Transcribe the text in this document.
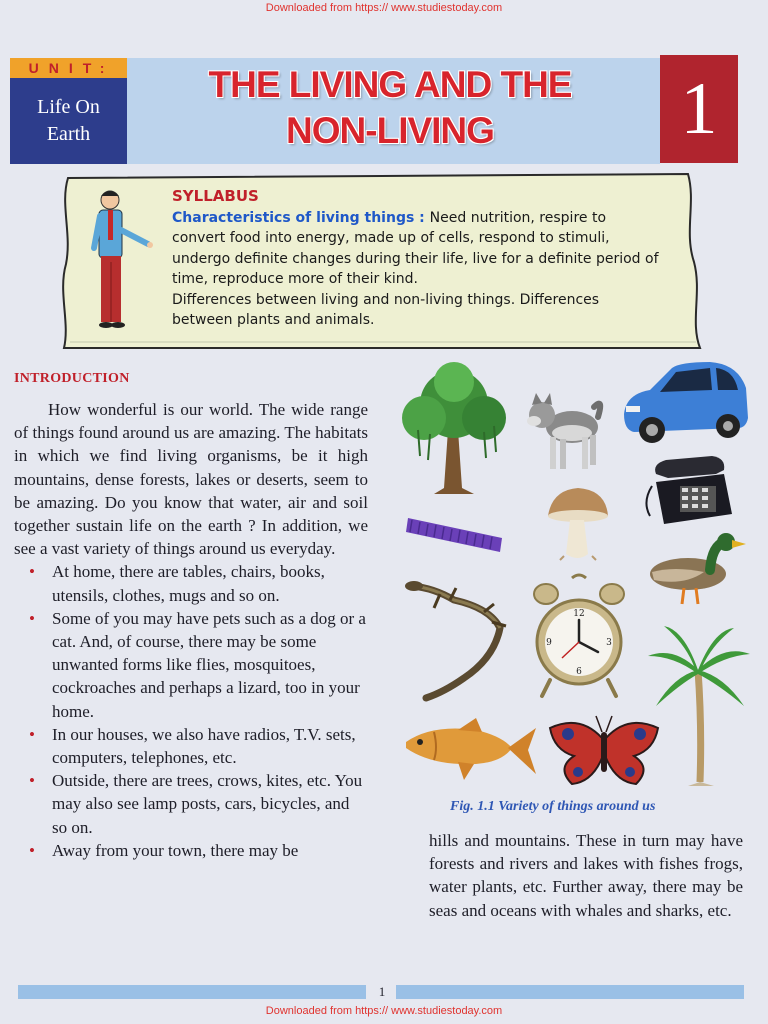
Downloaded from https:// www.studiestoday.com
UNIT:
Life On
Earth
THE LIVING AND THE
NON-LIVING	1
SYLLABUS

Characteristics of living things : Need nutrition, respire to convert food into energy, made up of cells, respond to stimuli, undergo definite changes during their life, live for a definite period of time, reproduce more of their kind.

Differences between living and non-living things. Differences between plants and animals.

INTRODUCTION

How wonderful is our world. The wide range of things found around us are amazing. The habitats in which we find living organisms, be it high mountains, dense forests, lakes or deserts, seem to be amazing. Do you know that water, air and soil together sustain life on the earth ? In addition, we see a vast variety of things around us everyday.

• At home, there are tables, chairs, books, utensils, clothes, mugs and so on.
• Some of you may have pets such as a dog or a cat. And, of course, there may be some unwanted forms like flies, mosquitoes, cockroaches and perhaps a lizard, too in your home.
• In our houses, we also have radios, T.V. sets, computers, telephones, etc.
• Outside, there are trees, crows, kites, etc. You may also see lamp posts, cars, bicycles, and so on.
• Away from your town, there may be
12
6
3
9
Fig. 1.1 Variety of things around us

hills and mountains. These in turn may have forests and rivers and lakes with fishes frogs, water plants, etc. Further away, there may be seas and oceans with whales and sharks, etc.

1
Downloaded from https:// www.studiestoday.com
